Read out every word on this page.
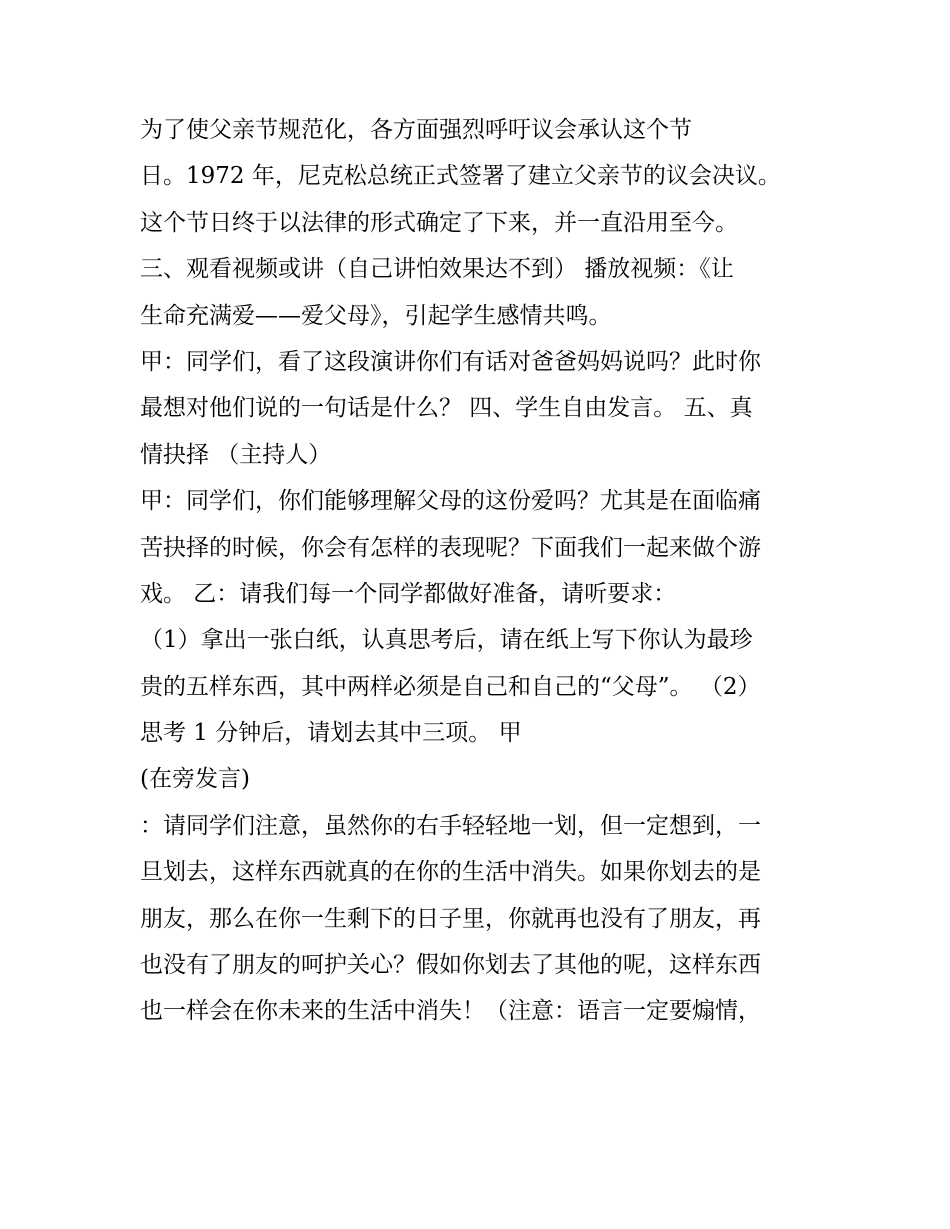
为了使父亲节规范化，各方面强烈呼吁议会承认这个节
日。1972 年，尼克松总统正式签署了建立父亲节的议会决议。
这个节日终于以法律的形式确定了下来，并一直沿用至今。
三、观看视频或讲（自己讲怕效果达不到） 播放视频：《让
生命充满爱——爱父母》，引起学生感情共鸣。
甲：同学们，看了这段演讲你们有话对爸爸妈妈说吗？此时你
最想对他们说的一句话是什么？ 四、学生自由发言。 五、真
情抉择 （主持人）
甲：同学们，你们能够理解父母的这份爱吗？尤其是在面临痛
苦抉择的时候，你会有怎样的表现呢？下面我们一起来做个游
戏。 乙：请我们每一个同学都做好准备，请听要求：
（1）拿出一张白纸，认真思考后，请在纸上写下你认为最珍
贵的五样东西，其中两样必须是自己和自己的“父母”。 （2）
思考 1 分钟后，请划去其中三项。 甲
(在旁发言)
：请同学们注意，虽然你的右手轻轻地一划，但一定想到，一
旦划去，这样东西就真的在你的生活中消失。如果你划去的是
朋友，那么在你一生剩下的日子里，你就再也没有了朋友，再
也没有了朋友的呵护关心？假如你划去了其他的呢，这样东西
也一样会在你未来的生活中消失！（注意：语言一定要煽情，
